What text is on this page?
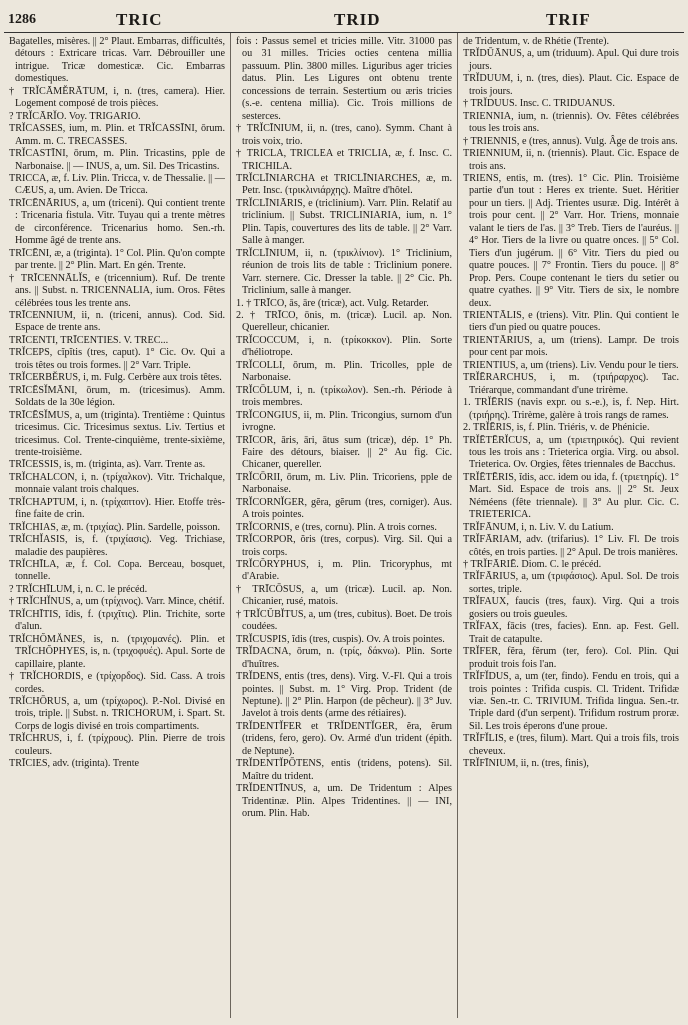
1286	TRIC	TRID	TRIF

Bagatelles, misères. || 2° Plaut. Embarras, difficultés, détours : Extricare tricas. Varr. Débrouiller une intrigue. Tricæ domesticæ. Cic. Embarras domestiques.

† TRĬCĀMĔRĀTUM, i, n. (tres, camera). Hier. Logement composé de trois pièces.

? TRĬCĀRĬO. Voy. TRIGARIO.

TRĬCASSES, ium, m. Plin. et TRĬCASSĪNI, ōrum. Amm. m. C. TRECASSES.

TRĬCASTĪNI, ōrum, m. Plin. Tricastins, pple de Narbonaise. || — INUS, a, um. Sil. Des Tricastins.

TRICCA, æ, f. Liv. Plin. Tricca, v. de Thessalie. || — CÆUS, a, um. Avien. De Tricca.

TRĪCĒNĀRIUS, a, um (triceni). Qui contient trente : Tricenaria fistula. Vitr. Tuyau qui a trente mètres de circonférence. Tricenarius homo. Sen.-rh. Homme âgé de trente ans.

TRĪCĒNI, æ, a (triginta). 1° Col. Plin. Qu'on compte par trente. || 2° Plin. Mart. En gén. Trente.

† TRĪCENNĀLĬS, e (tricennium). Ruf. De trente ans. || Subst. n. TRICENNALIA, ium. Oros. Fêtes célébrées tous les trente ans.

TRĪCENNIUM, ii, n. (triceni, annus). Cod. Sid. Espace de trente ans.

TRĪCENTI, TRĪCENTIES. V. TREC...

TRĬCEPS, cĭpĭtis (tres, caput). 1° Cic. Ov. Qui a trois têtes ou trois formes. || 2° Varr. Triple.

TRĬCERBĔRUS, i, m. Fulg. Cerbère aux trois têtes.

TRĪCĒSĬMĀNI, ōrum, m. (tricesimus). Amm. Soldats de la 30e légion.

TRĪCĒSĬMUS, a, um (triginta). Trentième : Quintus tricesimus. Cic. Tricesimus sextus. Liv. Tertius et tricesimus. Col. Trente-cinquième, trente-sixième, trente-troisième.

TRĪCESSIS, is, m. (triginta, as). Varr. Trente as.

TRĬCHALCON, i, n. (τρίχαλκον). Vitr. Trichalque, monnaie valant trois chalques.

TRĬCHAPTUM, i, n. (τρίχαπτον). Hier. Etoffe très-fine faite de crin.

TRĬCHIAS, æ, m. (τριχίας). Plin. Sardelle, poisson.

TRĬCHĬASIS, is, f. (τριχίασις). Veg. Trichiase, maladie des paupières.

TRĬCHĪLA, æ, f. Col. Copa. Berceau, bosquet, tonnelle.

? TRĬCHĪLUM, i, n. C. le précéd.

† TRĬCHĬNUS, a, um (τρίχινος). Varr. Mince, chétif.

TRĬCHĪTIS, ĭdis, f. (τριχῖτις). Plin. Trichite, sorte d'alun.

TRĬCHŎMĂNES, is, n. (τριχομανές). Plin. et TRĬCHŎPHYES, is, n. (τριχοφυές). Apul. Sorte de capillaire, plante.

† TRĬCHORDIS, e (τρίχορδος). Sid. Cass. A trois cordes.

TRĬCHŌRUS, a, um (τρίχωρος). P.-Nol. Divisé en trois, triple. || Subst. n. TRICHORUM, i. Spart. St. Corps de logis divisé en trois compartiments.

TRĬCHRUS, i, f. (τρίχρους). Plin. Pierre de trois couleurs.

TRĪCIES, adv. (triginta). Trente

fois : Passus semel et tricies mille. Vitr. 31000 pas ou 31 milles. Tricies octies centena millia passuum. Plin. 3800 milles. Liguribus ager tricies datus. Plin. Les Ligures ont obtenu trente concessions de terrain. Sestertium ou æris tricies (s.-e. centena millia). Cic. Trois millions de sesterces.

† TRĬCĪNIUM, ii, n. (tres, cano). Symm. Chant à trois voix, trio.

† TRICLA, TRICLEA et TRICLIA, æ, f. Insc. C. TRICHILA.

TRĬCLĪNIARCHA et TRICLĪNIARCHES, æ, m. Petr. Insc. (τρικλινιάρχης). Maître d'hôtel.

TRĬCLĪNIĀRIS, e (triclinium). Varr. Plin. Relatif au triclinium. || Subst. TRICLINIARIA, ium, n. 1° Plin. Tapis, couvertures des lits de table. || 2° Varr. Salle à manger.

TRĬCLĪNIUM, ii, n. (τρικλίνιον). 1° Triclinium, réunion de trois lits de table : Triclinium ponere. Varr. sternere. Cic. Dresser la table. || 2° Cic. Ph. Triclinium, salle à manger.

1. † TRĪCO, ās, āre (tricæ), act. Vulg. Retarder.

2. † TRĪCO, ōnis, m. (tricæ). Lucil. ap. Non. Querelleur, chicanier.

TRĬCOCCUM, i, n. (τρίκοκκον). Plin. Sorte d'héliotrope.

TRĬCOLLI, ōrum, m. Plin. Tricolles, pple de Narbonaise.

TRĬCŌLUM, i, n. (τρίκωλον). Sen.-rh. Période à trois membres.

TRĬCONGIUS, ii, m. Plin. Tricongius, surnom d'un ivrogne.

TRĪCOR, āris, āri, ātus sum (tricæ), dép. 1° Ph. Faire des détours, biaiser. || 2° Au fig. Cic. Chicaner, quereller.

TRĬCŌRII, ōrum, m. Liv. Plin. Tricoriens, pple de Narbonaise.

TRĬCORNĬGER, gĕra, gĕrum (tres, corniger). Aus. A trois pointes.

TRĬCORNIS, e (tres, cornu). Plin. A trois cornes.

TRĬCORPOR, ŏris (tres, corpus). Virg. Sil. Qui a trois corps.

TRĬCŎRYPHUS, i, m. Plin. Tricoryphus, mt d'Arabie.

† TRĪCŌSUS, a, um (tricæ). Lucil. ap. Non. Chicanier, rusé, matois.

† TRĬCŬBĬTUS, a, um (tres, cubitus). Boet. De trois coudées.

TRĬCUSPIS, ĭdis (tres, cuspis). Ov. A trois pointes.

TRĬDACNA, ōrum, n. (τρίς, δάκνω). Plin. Sorte d'huîtres.

TRĬDENS, entis (tres, dens). Virg. V.-Fl. Qui a trois pointes. || Subst. m. 1° Virg. Prop. Trident (de Neptune). || 2° Plin. Harpon (de pêcheur). || 3° Juv. Javelot à trois dents (arme des rétiaires).

TRĬDENTĬFER et TRĬDENTĬGER, ĕra, ĕrum (tridens, fero, gero). Ov. Armé d'un trident (épith. de Neptune).

TRĬDENTĬPŌTENS, entis (tridens, potens). Sil. Maître du trident.

TRĬDENTĪNUS, a, um. De Tridentum : Alpes Tridentinæ. Plin. Alpes Tridentines. || — INI, orum. Plin. Hab.

de Tridentum, v. de Rhétie (Trente).

TRĬDŪĀNUS, a, um (triduum). Apul. Qui dure trois jours.

TRĬDUUM, i, n. (tres, dies). Plaut. Cic. Espace de trois jours.

† TRĬDUUS. Insc. C. TRIDUANUS.

TRIENNIA, ium, n. (triennis). Ov. Fêtes célébrées tous les trois ans.

† TRIENNIS, e (tres, annus). Vulg. Âge de trois ans.

TRIENNIUM, ii, n. (triennis). Plaut. Cic. Espace de trois ans.

TRIENS, entis, m. (tres). 1° Cic. Plin. Troisième partie d'un tout : Heres ex triente. Suet. Héritier pour un tiers. || Adj. Trientes usuræ. Dig. Intérêt à trois pour cent. || 2° Varr. Hor. Triens, monnaie valant le tiers de l'as. || 3° Treb. Tiers de l'auréus. || 4° Hor. Tiers de la livre ou quatre onces. || 5° Col. Tiers d'un jugérum. || 6° Vitr. Tiers du pied ou quatre pouces. || 7° Frontin. Tiers du pouce. || 8° Prop. Pers. Coupe contenant le tiers du setier ou quatre cyathes. || 9° Vitr. Tiers de six, le nombre deux.

TRIENTĀLIS, e (triens). Vitr. Plin. Qui contient le tiers d'un pied ou quatre pouces.

TRIENTĀRIUS, a, um (triens). Lampr. De trois pour cent par mois.

TRIENTIUS, a, um (triens). Liv. Vendu pour le tiers.

TRĬĒRARCHUS, i, m. (τριήραρχος). Tac. Triérarque, commandant d'une trirème.

1. TRĬĒRIS (navis expr. ou s.-e.), is, f. Nep. Hirt. (τριήρης). Trirème, galère à trois rangs de rames.

2. TRĬĒRIS, is, f. Plin. Triéris, v. de Phénicie.

TRĬĒTĒRĬCUS, a, um (τριετηρικός). Qui revient tous les trois ans : Trieterica orgia. Virg. ou absol. Trieterica. Ov. Orgies, fêtes triennales de Bacchus.

TRĬĒTĒRIS, ĭdis, acc. idem ou ida, f. (τριετηρίς). 1° Mart. Sid. Espace de trois ans. || 2° St. Jeux Néméens (fête triennale). || 3° Au plur. Cic. C. TRIETERICA.

TRĬFĀNUM, i, n. Liv. V. du Latium.

TRĬFĀRIAM, adv. (trifarius). 1° Liv. Fl. De trois côtés, en trois parties. || 2° Apul. De trois manières.

† TRĬFĀRIĒ. Diom. C. le précéd.

TRĬFĀRIUS, a, um (τριφάσιος). Apul. Sol. De trois sortes, triple.

TRĬFAUX, faucis (tres, faux). Virg. Qui a trois gosiers ou trois gueules.

TRĬFAX, fācis (tres, facies). Enn. ap. Fest. Gell. Trait de catapulte.

TRĬFER, fĕra, fĕrum (ter, fero). Col. Plin. Qui produit trois fois l'an.

TRĬFĬDUS, a, um (ter, findo). Fendu en trois, qui a trois pointes : Trifida cuspis. Cl. Trident. Trifidæ viæ. Sen.-tr. C. TRIVIUM. Trifida lingua. Sen.-tr. Triple dard (d'un serpent). Trifidum rostrum proræ. Sil. Les trois éperons d'une proue.

TRĬFĬLIS, e (tres, filum). Mart. Qui a trois fils, trois cheveux.

TRĬFĪNIUM, ii, n. (tres, finis),
